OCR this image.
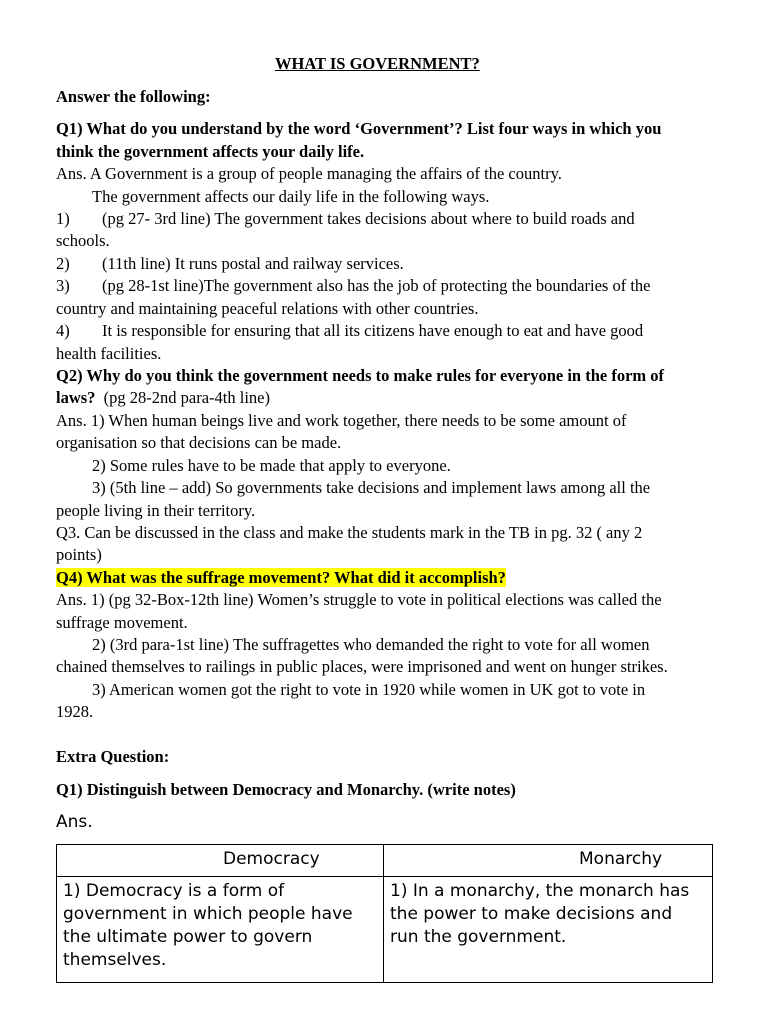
WHAT IS GOVERNMENT?
Answer the following:
Q1) What do you understand by the word ‘Government’? List four ways in which you
think the government affects your daily life.
Ans. A Government is a group of people managing the affairs of the country.
The government affects our daily life in the following ways.
1) (pg 27- 3rd line) The government takes decisions about where to build roads and
schools.
2) (11th line) It runs postal and railway services.
3) (pg 28-1st line)The government also has the job of protecting the boundaries of the
country and maintaining peaceful relations with other countries.
4) It is responsible for ensuring that all its citizens have enough to eat and have good
health facilities.
Q2) Why do you think the government needs to make rules for everyone in the form of
laws? (pg 28-2nd para-4th line)
Ans. 1) When human beings live and work together, there needs to be some amount of
organisation so that decisions can be made.
2) Some rules have to be made that apply to everyone.
3) (5th line – add) So governments take decisions and implement laws among all the
people living in their territory.
Q3. Can be discussed in the class and make the students mark in the TB in pg. 32 ( any 2
points)
Q4) What was the suffrage movement? What did it accomplish?
Ans. 1) (pg 32-Box-12th line) Women’s struggle to vote in political elections was called the
suffrage movement.
2) (3rd para-1st line) The suffragettes who demanded the right to vote for all women
chained themselves to railings in public places, were imprisoned and went on hunger strikes.
3) American women got the right to vote in 1920 while women in UK got to vote in
1928.
Extra Question:
Q1) Distinguish between Democracy and Monarchy. (write notes)
Ans.
Democracy	Monarchy
1) Democracy is a form of government in which people have the ultimate power to govern themselves.	1) In a monarchy, the monarch has the power to make decisions and run the government.
